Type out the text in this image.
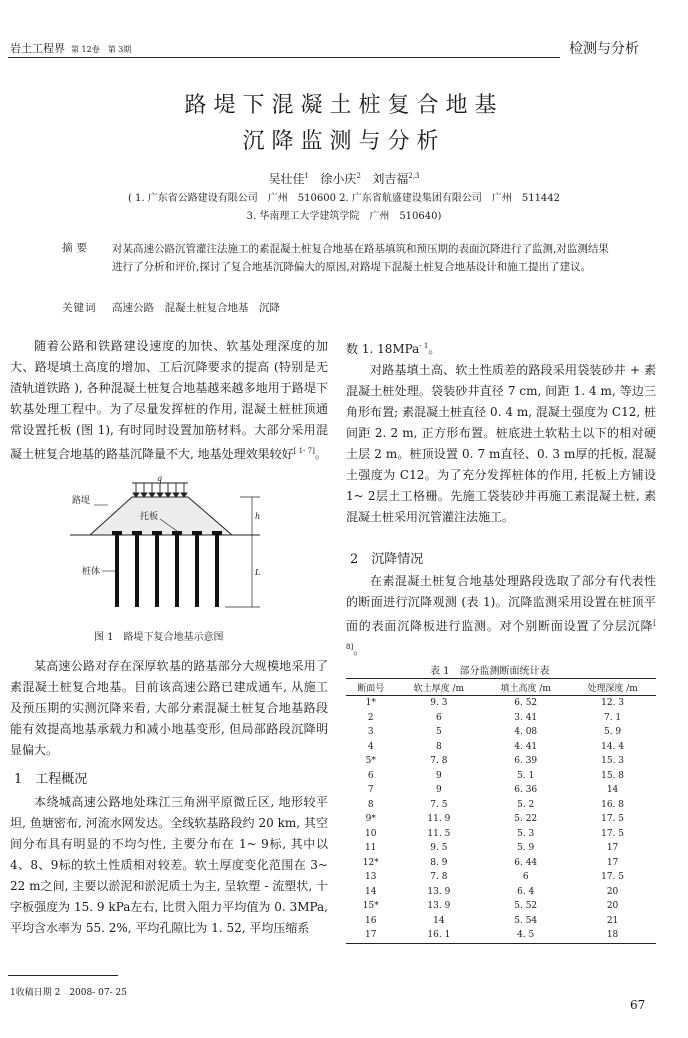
岩土工程界 第 12卷　第 3期	检测与分析
路堤下混凝土桩复合地基
沉降监测与分析
吴壮佳$^1$ 徐小庆$^2$ 刘吉福$^{2,3}$
( 1. 广东省公路建设有限公司　广州　510600 2. 广东省航盛建设集团有限公司　广州　511442
3. 华南理工大学建筑学院　广州　510640)
摘要 对某高速公路沉管灌注法施工的素混凝土桩复合地基在路基填筑和预压期的表面沉降进行了监测,对监测结果进行了分析和评价,探讨了复合地基沉降偏大的原因,对路堤下混凝土桩复合地基设计和施工提出了建议。
关键词 高速公路　混凝土桩复合地基　沉降

随着公路和铁路建设速度的加快、软基处理深度的加大、路堤填土高度的增加、工后沉降要求的提高 (特别是无渣轨道铁路 ), 各种混凝土桩复合地基越来越多地用于路堤下软基处理工程中。为了尽量发挥桩的作用, 混凝土桩桩顶通常设置托板 (图 1), 有时同时设置加筋材料。大部分采用混凝土桩复合地基的路基沉降量不大, 地基处理效果较好[ 1- 7]。

路堤
q
托板	h
桩体	L
图 1　路堤下复合地基示意图

某高速公路对存在深厚软基的路基部分大规模地采用了素混凝土桩复合地基。目前该高速公路已建成通车, 从施工及预压期的实测沉降来看, 大部分素混凝土桩复合地基路段能有效提高地基承载力和减小地基变形, 但局部路段沉降明显偏大。

1　工程概况

本绕城高速公路地处珠江三角洲平原微丘区, 地形较平坦, 鱼塘密布, 河流水网发达。全线软基路段约 20 km, 其空间分布具有明显的不均匀性, 主要分布在 1~ 9标, 其中以 4、8、9标的软土性质相对较差。软土厚度变化范围在 3~ 22 m之间, 主要以淤泥和淤泥质土为主, 呈软塑 - 流塑状, 十字板强度为 15. 9 kPa左右, 比贯入阻力平均值为 0. 3MPa, 平均含水率为 55. 2%, 平均孔隙比为 1. 52, 平均压缩系

数 1. 18MPa$^{- 1}$。

对路基填土高、软土性质差的路段采用袋装砂井 + 素混凝土桩处理。袋装砂井直径 7 cm, 间距 1. 4 m, 等边三角形布置; 素混凝土桩直径 0. 4 m, 混凝土强度为 C12, 桩间距 2. 2 m, 正方形布置。桩底进土软粘土以下的相对硬土层 2 m。桩顶设置 0. 7 m直径、0. 3 m厚的托板, 混凝土强度为 C12。为了充分发挥桩体的作用, 托板上方铺设 1~ 2层土工格栅。先施工袋装砂井再施工素混凝土桩, 素混凝土桩采用沉管灌注法施工。

2　沉降情况

在素混凝土桩复合地基处理路段选取了部分有代表性的断面进行沉降观测 (表 1)。沉降监测采用设置在桩顶平面的表面沉降板进行监测。对个别断面设置了分层沉降[ 8]。

表 1　部分监测断面统计表
断面号	软土厚度 /m	填土高度 /m	处理深度 /m
1*	9. 3	6. 52	12. 3
2	6	3. 41	7. 1
3	5	4. 08	5. 9
4	8	4. 41	14. 4
5*	7. 8	6. 39	15. 3
6	9	5. 1	15. 8
7	9	6. 36	14
8	7. 5	5. 2	16. 8
9*	11. 9	5. 22	17. 5
10	11. 5	5. 3	17. 5
11	9. 5	5. 9	17
12*	8. 9	6. 44	17
13	7. 8	6	17. 5
14	13. 9	6. 4	20
15*	13. 9	5. 52	20
16	14	5. 54	21
17	16. 1	4. 5	18
1收稿日期 2　2008- 07- 25
67
